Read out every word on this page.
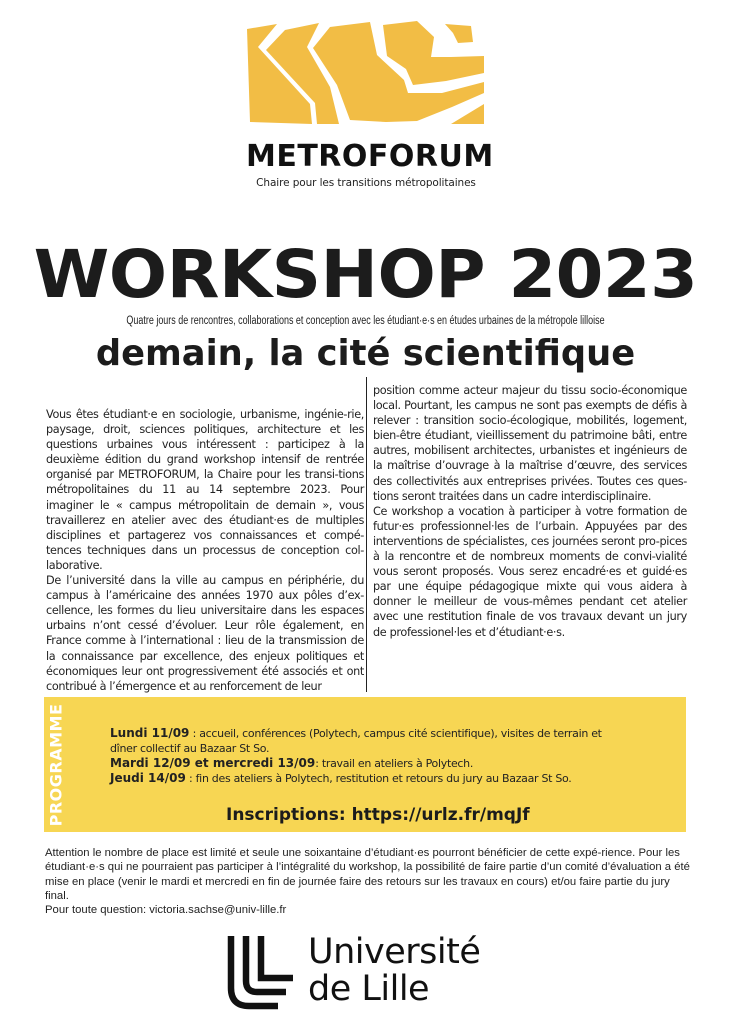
METROFORUM
Chaire pour les transitions métropolitaines
WORKSHOP 2023
Quatre jours de rencontres, collaborations et conception avec les étudiant·e·s en études urbaines de la métropole lilloise
demain, la cité scientifique

Vous êtes étudiant·e en sociologie, urbanisme, ingénie-rie, paysage, droit, sciences politiques, architecture et les questions urbaines vous intéressent : participez à la deuxième édition du grand workshop intensif de rentrée organisé par METROFORUM, la Chaire pour les transi-tions métropolitaines du 11 au 14 septembre 2023. Pour imaginer le « campus métropolitain de demain », vous travaillerez en atelier avec des étudiant·es de multiples disciplines et partagerez vos connaissances et compé-tences techniques dans un processus de conception col-laborative.

De l’université dans la ville au campus en périphérie, du campus à l’américaine des années 1970 aux pôles d’ex-cellence, les formes du lieu universitaire dans les espaces urbains n’ont cessé d’évoluer. Leur rôle également, en France comme à l’international : lieu de la transmission de la connaissance par excellence, des enjeux politiques et économiques leur ont progressivement été associés et ont contribué à l’émergence et au renforcement de leur

position comme acteur majeur du tissu socio-économique local. Pourtant, les campus ne sont pas exempts de défis à relever : transition socio-écologique, mobilités, logement, bien-être étudiant, vieillissement du patrimoine bâti, entre autres, mobilisent architectes, urbanistes et ingénieurs de la maîtrise d’ouvrage à la maîtrise d’œuvre, des services des collectivités aux entreprises privées. Toutes ces ques-tions seront traitées dans un cadre interdisciplinaire.

Ce workshop a vocation à participer à votre formation de futur·es professionnel·les de l’urbain. Appuyées par des interventions de spécialistes, ces journées seront pro-pices à la rencontre et de nombreux moments de convi-vialité vous seront proposés. Vous serez encadré·es et guidé·es par une équipe pédagogique mixte qui vous aidera à donner le meilleur de vous-mêmes pendant cet atelier avec une restitution finale de vos travaux devant un jury de professionel·les et d’étudiant·e·s.

PROGRAMME	Lundi 11/09 : accueil, conférences (Polytech, campus cité scientifique), visites de terrain et
dîner collectif au Bazaar St So.
Mardi 12/09 et mercredi 13/09: travail en ateliers à Polytech.
Jeudi 14/09 : fin des ateliers à Polytech, restitution et retours du jury au Bazaar St So.
Inscriptions: https://urlz.fr/mqJf

Attention le nombre de place est limité et seule une soixantaine d’étudiant·es pourront bénéficier de cette expé-rience. Pour les étudiant·e·s qui ne pourraient pas participer à l’intégralité du workshop, la possibilité de faire partie d’un comité d’évaluation a été mise en place (venir le mardi et mercredi en fin de journée faire des retours sur les travaux en cours) et/ou faire partie du jury final.

Pour toute question: victoria.sachse@univ-lille.fr

Université
de Lille
